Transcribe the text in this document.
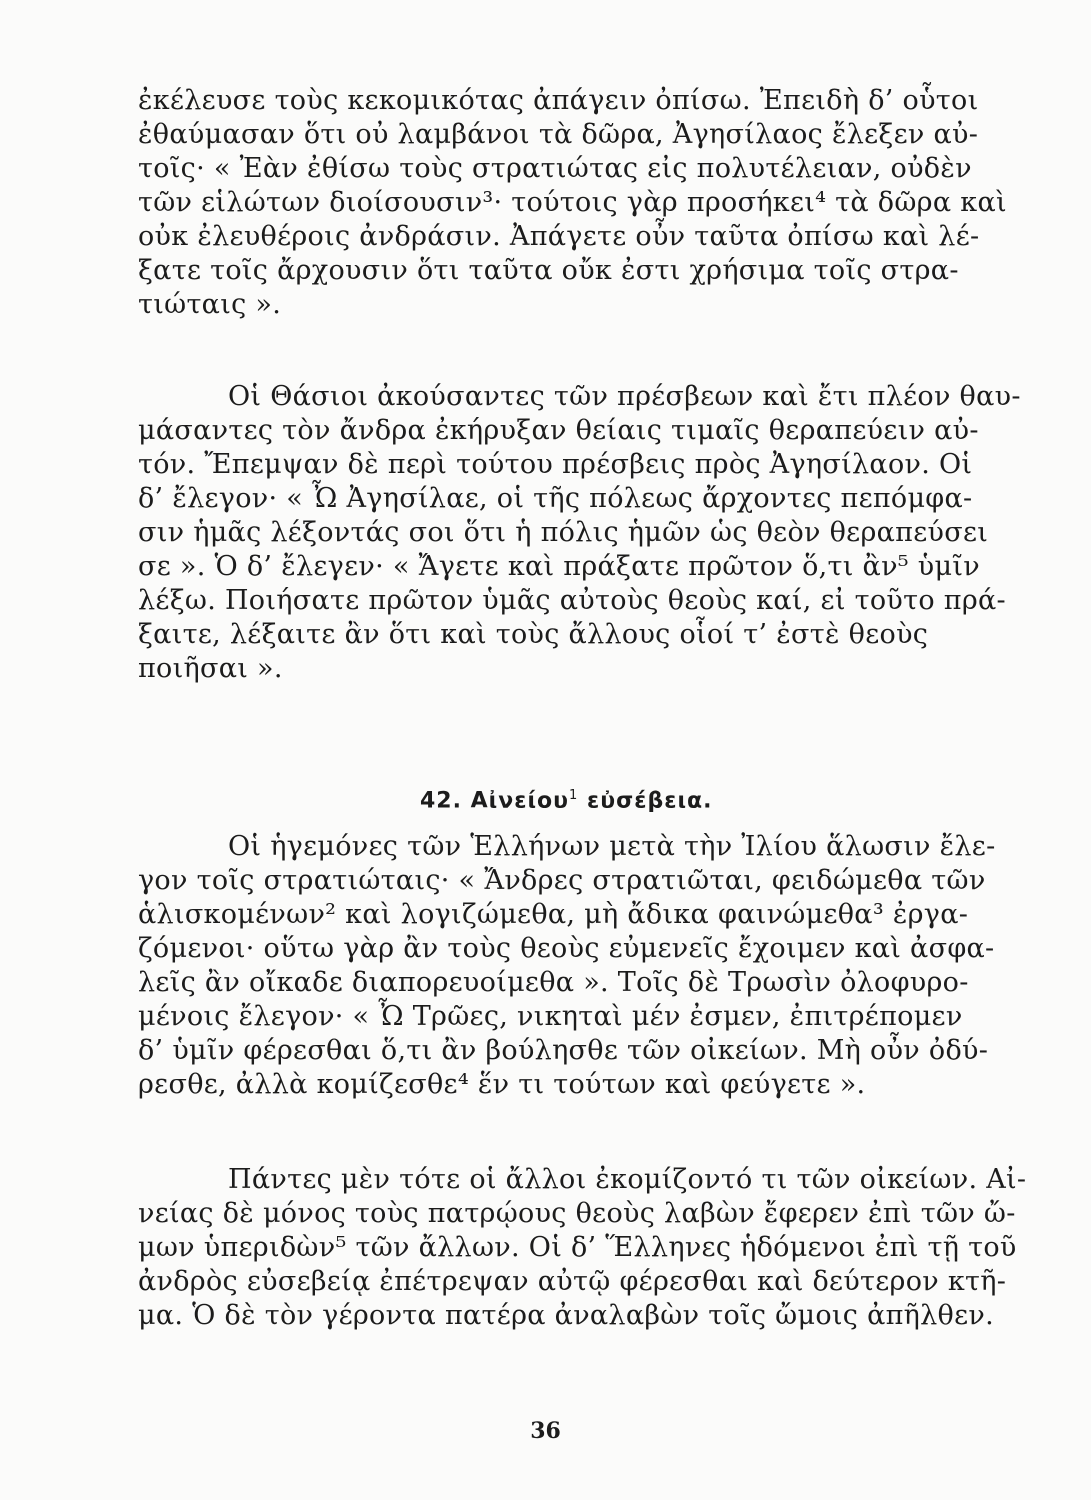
ἐκέλευσε τοὺς κεκομικότας ἀπάγειν ὀπίσω. Ἐπειδὴ δ’ οὗτοι
ἐθαύμασαν ὅτι οὐ λαμβάνοι τὰ δῶρα, Ἀγησίλαος ἔλεξεν αὐ-
τοῖς· « Ἐὰν ἐθίσω τοὺς στρατιώτας εἰς πολυτέλειαν, οὐδὲν
τῶν εἱλώτων διοίσουσιν³· τούτοις γὰρ προσήκει⁴ τὰ δῶρα καὶ
οὐκ ἐλευθέροις ἀνδράσιν. Ἀπάγετε οὖν ταῦτα ὀπίσω καὶ λέ-
ξατε τοῖς ἄρχουσιν ὅτι ταῦτα οὔκ ἐστι χρήσιμα τοῖς στρα-
τιώταις ».
Οἱ Θάσιοι ἀκούσαντες τῶν πρέσβεων καὶ ἔτι πλέον θαυ-
μάσαντες τὸν ἄνδρα ἐκήρυξαν θείαις τιμαῖς θεραπεύειν αὐ-
τόν. Ἔπεμψαν δὲ περὶ τούτου πρέσβεις πρὸς Ἀγησίλαον. Οἱ
δ’ ἔλεγον· « Ὦ Ἀγησίλαε, οἱ τῆς πόλεως ἄρχοντες πεπόμφα-
σιν ἡμᾶς λέξοντάς σοι ὅτι ἡ πόλις ἡμῶν ὡς θεὸν θεραπεύσει
σε ». Ὁ δ’ ἔλεγεν· « Ἄγετε καὶ πράξατε πρῶτον ὅ,τι ἂν⁵ ὑμῖν
λέξω. Ποιήσατε πρῶτον ὑμᾶς αὐτοὺς θεοὺς καί, εἰ τοῦτο πρά-
ξαιτε, λέξαιτε ἂν ὅτι καὶ τοὺς ἄλλους οἷοί τ’ ἐστὲ θεοὺς
ποιῆσαι ».
42. Αἰνείου$^1$ εὐσέβεια.
Οἱ ἡγεμόνες τῶν Ἑλλήνων μετὰ τὴν Ἰλίου ἅλωσιν ἔλε-
γον τοῖς στρατιώταις· « Ἄνδρες στρατιῶται, φειδώμεθα τῶν
ἁλισκομένων² καὶ λογιζώμεθα, μὴ ἄδικα φαινώμεθα³ ἐργα-
ζόμενοι· οὕτω γὰρ ἂν τοὺς θεοὺς εὐμενεῖς ἔχοιμεν καὶ ἀσφα-
λεῖς ἂν οἴκαδε διαπορευοίμεθα ». Τοῖς δὲ Τρωσὶν ὀλοφυρο-
μένοις ἔλεγον· « Ὦ Τρῶες, νικηταὶ μέν ἐσμεν, ἐπιτρέπομεν
δ’ ὑμῖν φέρεσθαι ὅ,τι ἂν βούλησθε τῶν οἰκείων. Μὴ οὖν ὀδύ-
ρεσθε, ἀλλὰ κομίζεσθε⁴ ἕν τι τούτων καὶ φεύγετε ».
Πάντες μὲν τότε οἱ ἄλλοι ἐκομίζοντό τι τῶν οἰκείων. Αἰ-
νείας δὲ μόνος τοὺς πατρῴους θεοὺς λαβὼν ἔφερεν ἐπὶ τῶν ὤ-
μων ὑπεριδὼν⁵ τῶν ἄλλων. Οἱ δ’ Ἕλληνες ἡδόμενοι ἐπὶ τῇ τοῦ
ἀνδρὸς εὐσεβείᾳ ἐπέτρεψαν αὐτῷ φέρεσθαι καὶ δεύτερον κτῆ-
μα. Ὁ δὲ τὸν γέροντα πατέρα ἀναλαβὼν τοῖς ὤμοις ἀπῆλθεν.
36
